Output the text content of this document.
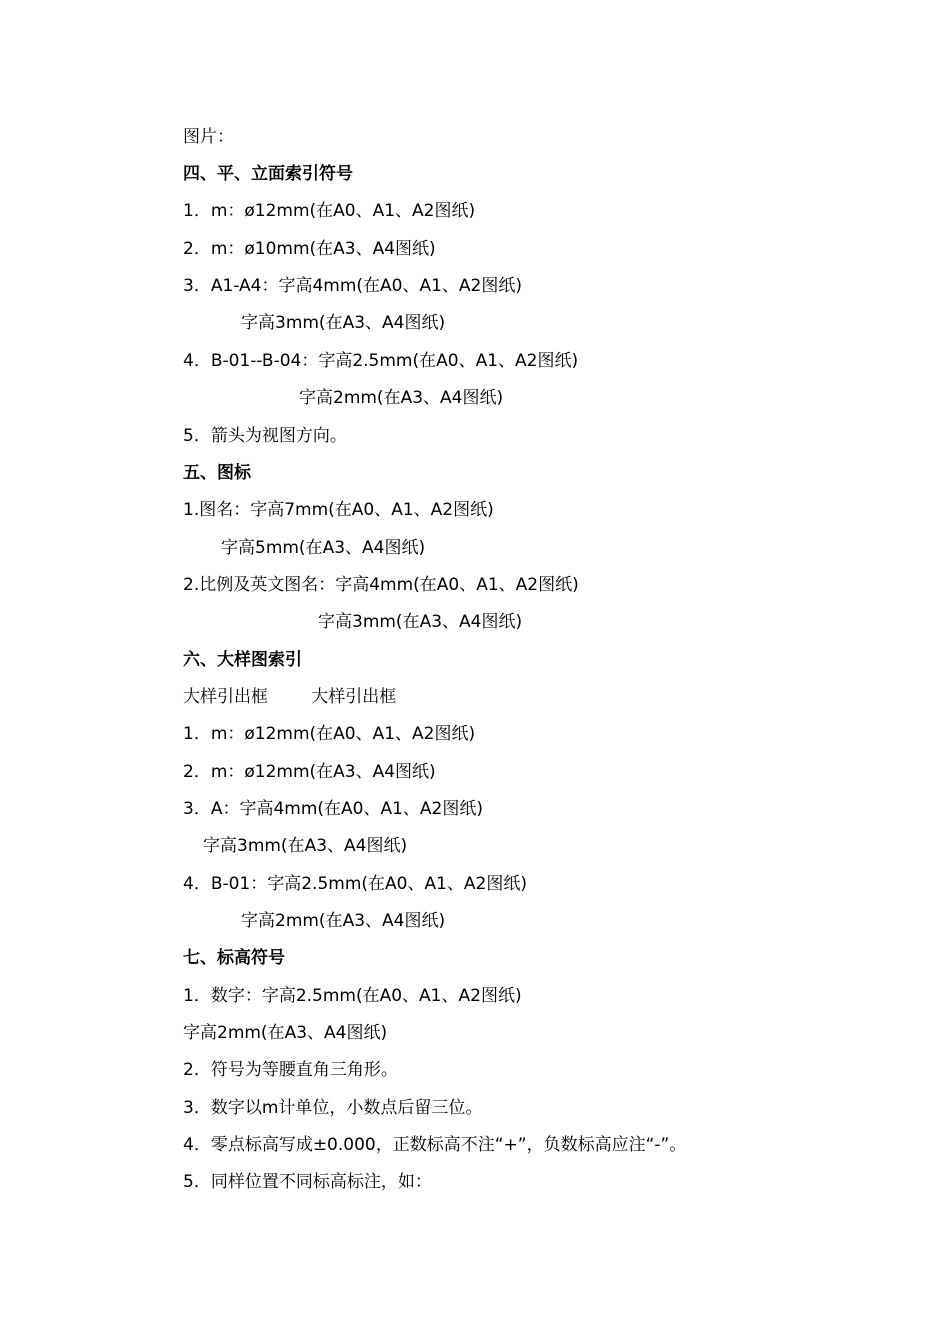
图片：
四、平、立面索引符号
1．m：ø12mm(在A0、A1、A2图纸)
2．m：ø10mm(在A3、A4图纸)
3．A1-A4：字高4mm(在A0、A1、A2图纸)
字高3mm(在A3、A4图纸)
4．B-01--B-04：字高2.5mm(在A0、A1、A2图纸)
字高2mm(在A3、A4图纸)
5．箭头为视图方向。
五、图标
1.图名：字高7mm(在A0、A1、A2图纸)
字高5mm(在A3、A4图纸)
2.比例及英文图名：字高4mm(在A0、A1、A2图纸)
字高3mm(在A3、A4图纸)
六、大样图索引
大样引出框        大样引出框
1．m：ø12mm(在A0、A1、A2图纸)
2．m：ø12mm(在A3、A4图纸)
3．A：字高4mm(在A0、A1、A2图纸)
字高3mm(在A3、A4图纸)
4．B-01：字高2.5mm(在A0、A1、A2图纸)
字高2mm(在A3、A4图纸)
七、标高符号
1．数字：字高2.5mm(在A0、A1、A2图纸)
字高2mm(在A3、A4图纸)
2．符号为等腰直角三角形。
3．数字以m计单位，小数点后留三位。
4．零点标高写成±0.000，正数标高不注“+”，负数标高应注“-”。
5．同样位置不同标高标注，如：
